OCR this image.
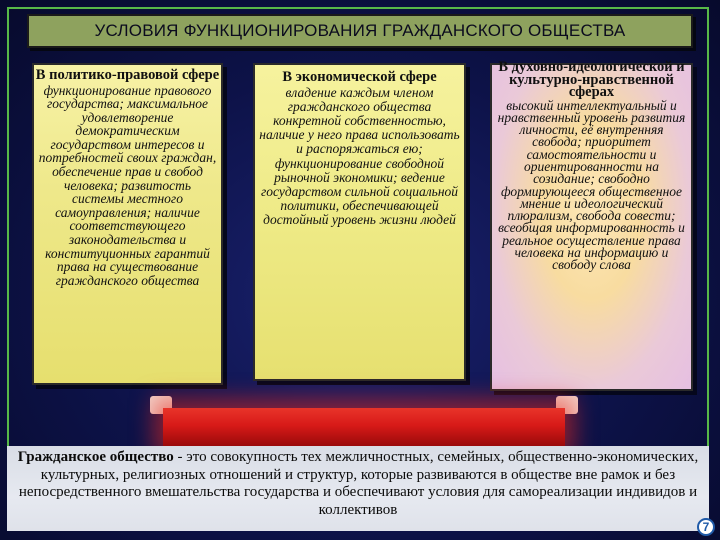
УСЛОВИЯ ФУНКЦИОНИРОВАНИЯ ГРАЖДАНСКОГО ОБЩЕСТВА
В политико-правовой сфере
функционирование правового государства; максимальное удовлетворение демократическим государством интересов и потребностей своих граждан, обеспечение прав и свобод человека; развитость системы местного самоуправления; наличие соответствующего законодательства и конституционных гарантий права на существование гражданского общества
В экономической сфере
владение каждым членом гражданского общества конкретной собственностью, наличие у него права использовать и распоряжаться ею; функционирование свободной рыночной экономики; ведение государством сильной социальной политики, обеспечивающей достойный уровень жизни людей
В духовно-идеологической и культурно-нравственной сферах
высокий интеллектуальный и нравственный уровень развития личности, её внутренняя свобода; приоритет самостоятельности и ориентированности на созидание; свободно формирующееся общественное мнение и идеологический плюрализм, свобода совести; всеобщая информированность и реальное осуществление права человека на информацию и свободу слова
Гражданское общество - это совокупность тех межличностных, семейных, общественно-экономических, культурных, религиозных отношений и структур, которые развиваются в обществе вне рамок и без непосредственного вмешательства государства и обеспечивают условия для самореализации индивидов и коллективов
7
